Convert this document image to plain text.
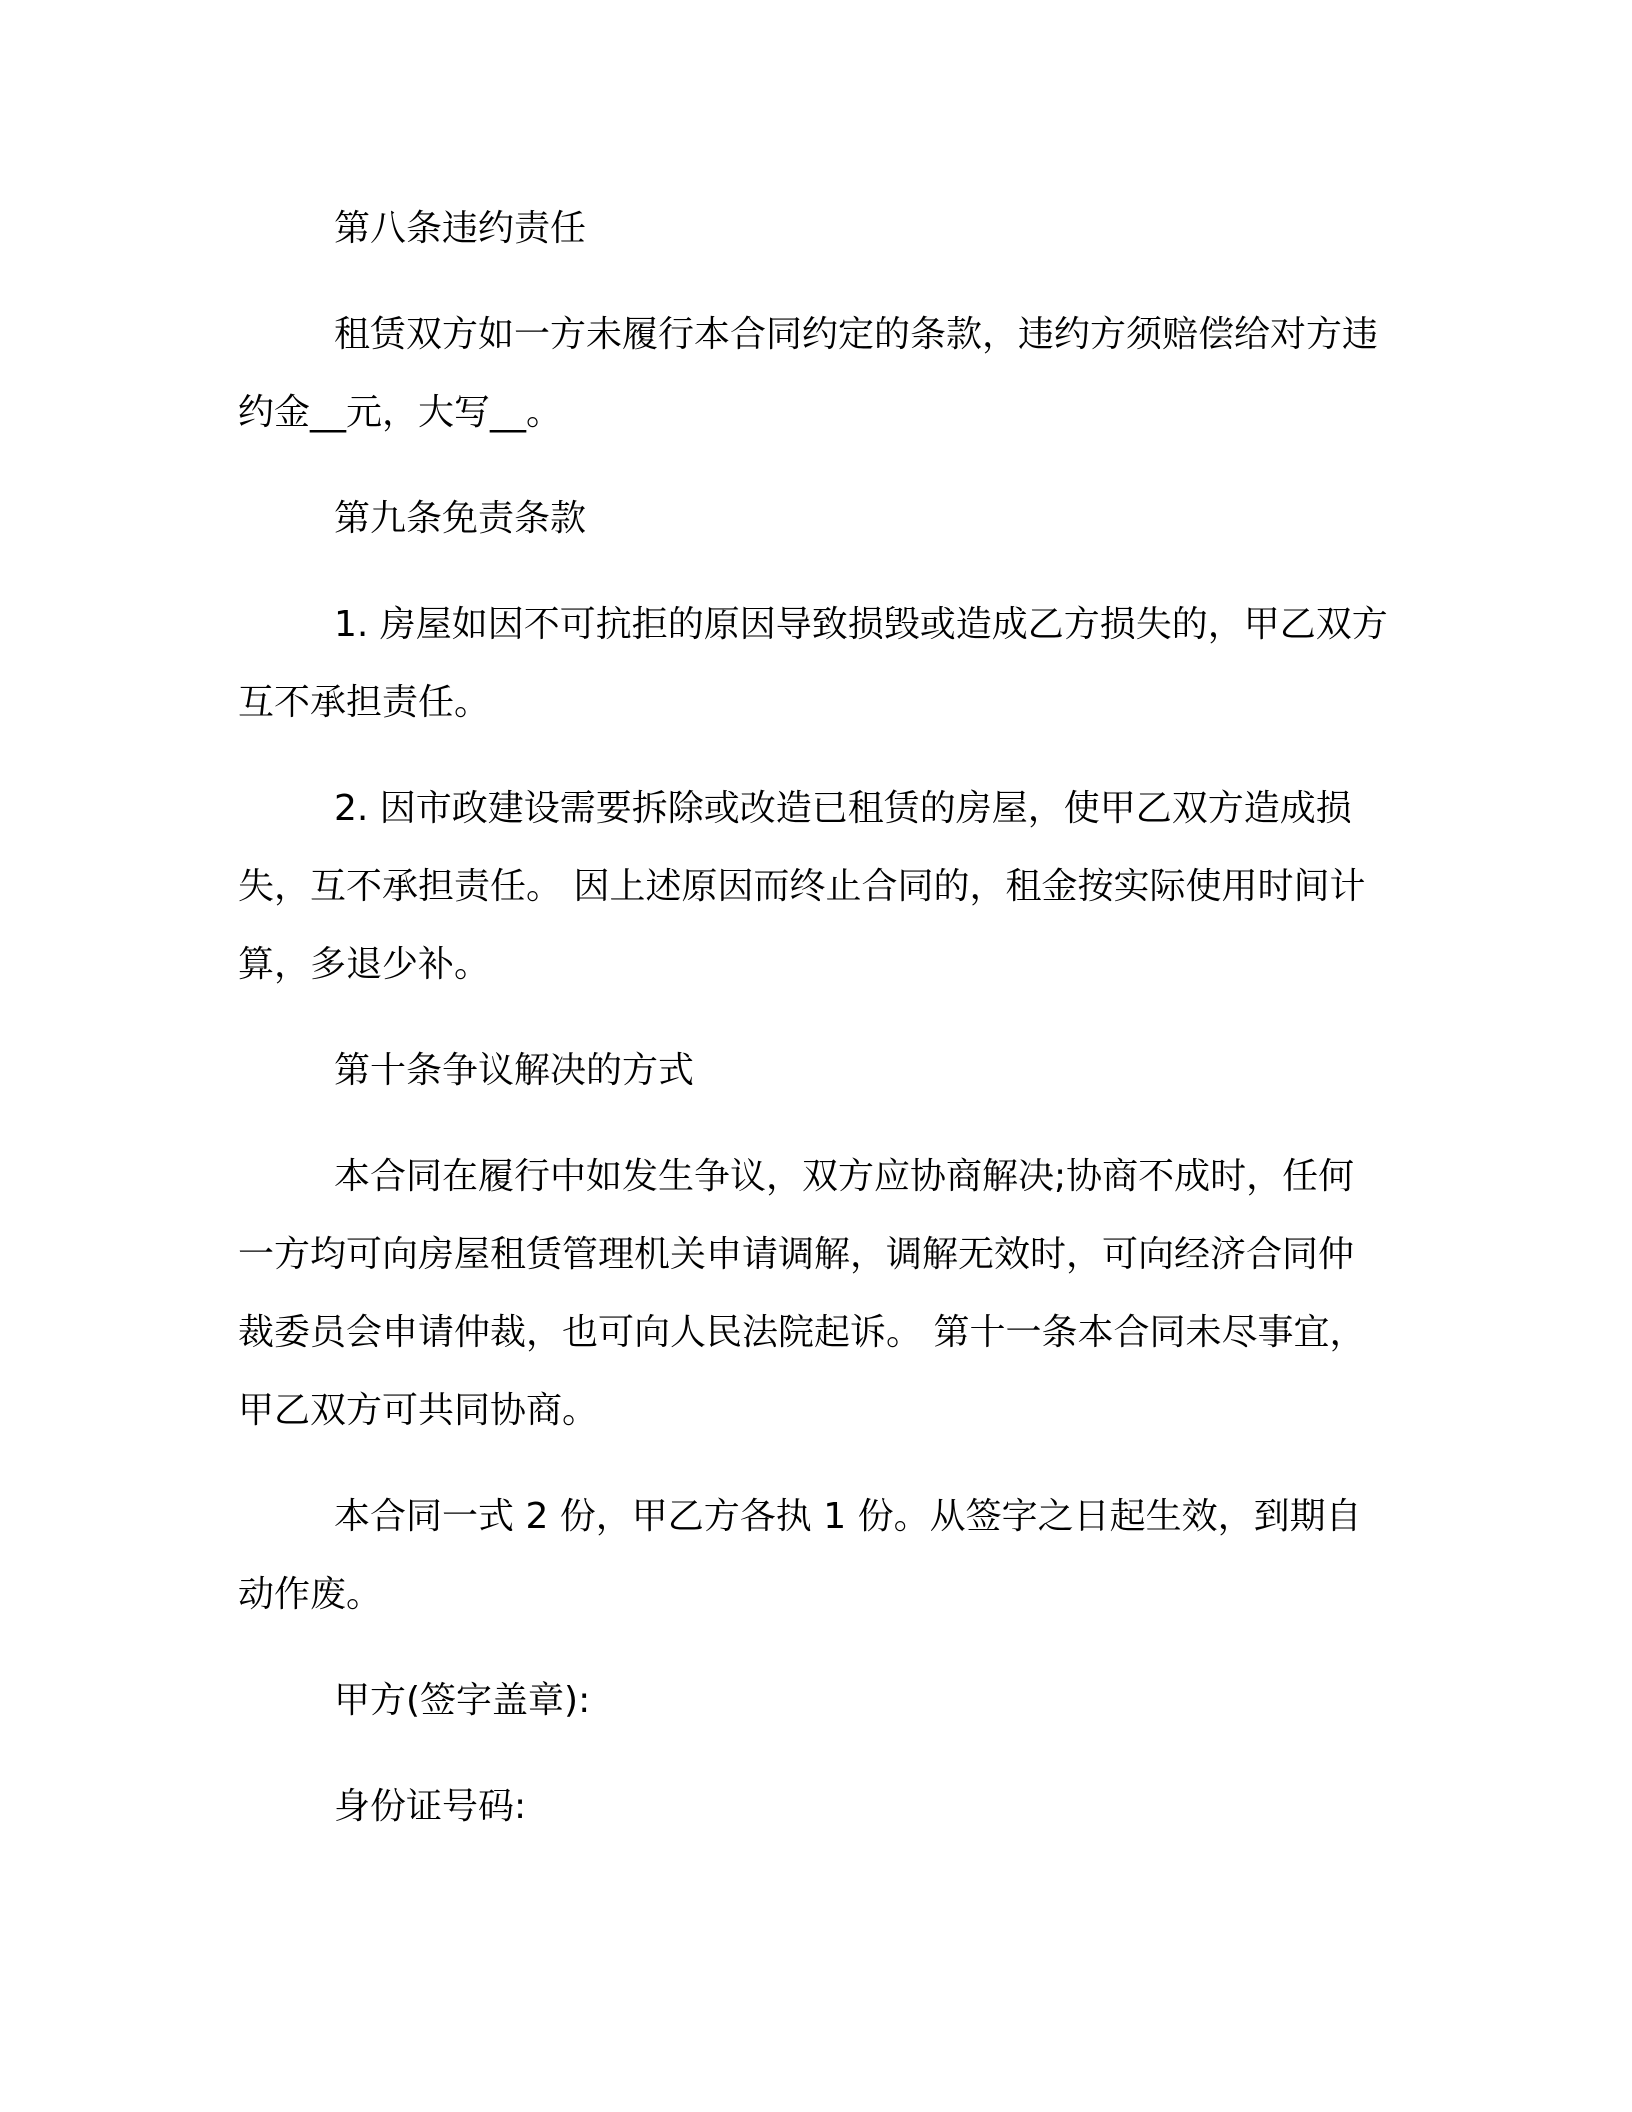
第八条违约责任

租赁双方如一方未履行本合同约定的条款，违约方须赔偿给对方违约金__元，大写__。

第九条免责条款

1. 房屋如因不可抗拒的原因导致损毁或造成乙方损失的，甲乙双方互不承担责任。

2. 因市政建设需要拆除或改造已租赁的房屋，使甲乙双方造成损失，互不承担责任。 因上述原因而终止合同的，租金按实际使用时间计算，多退少补。

第十条争议解决的方式

本合同在履行中如发生争议，双方应协商解决;协商不成时，任何一方均可向房屋租赁管理机关申请调解，调解无效时，可向经济合同仲裁委员会申请仲裁，也可向人民法院起诉。 第十一条本合同未尽事宜，甲乙双方可共同协商。

本合同一式 2 份，甲乙方各执 1 份。从签字之日起生效，到期自动作废。

甲方(签字盖章):

身份证号码:
